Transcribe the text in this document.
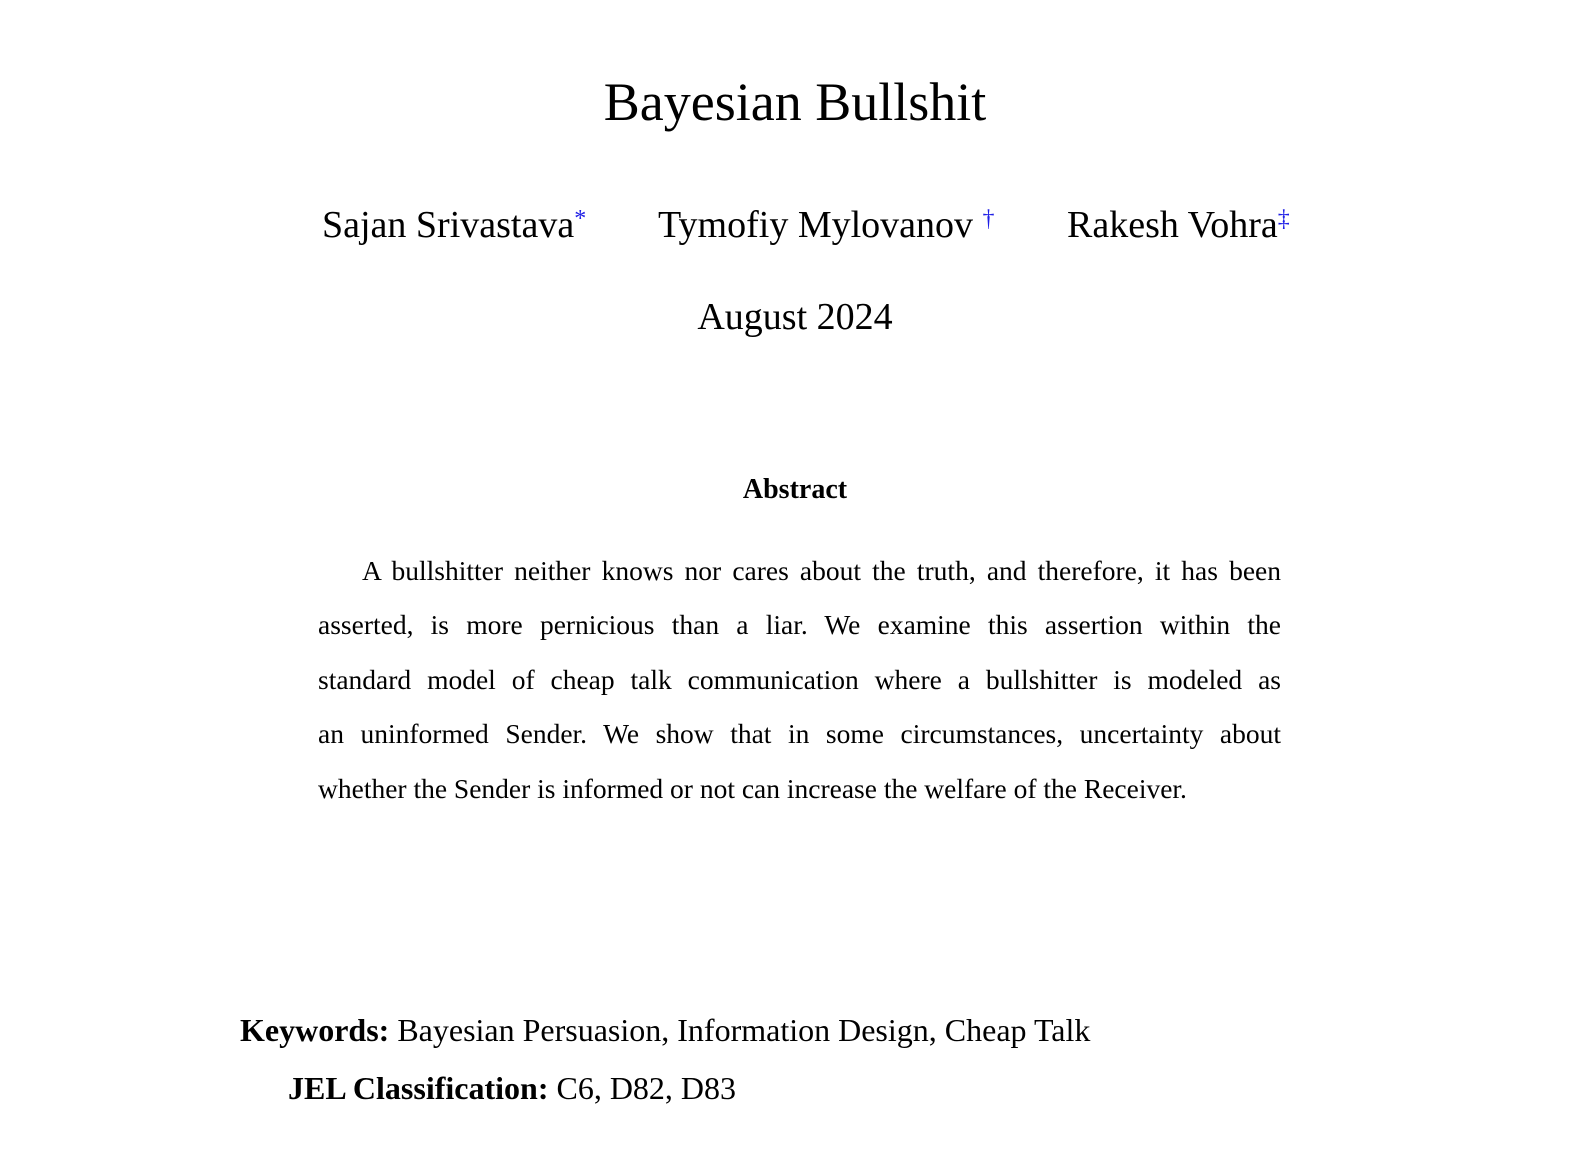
Bayesian Bullshit
Sajan Srivastava* Tymofiy Mylovanov † Rakesh Vohra‡
August 2024
Abstract
A bullshitter neither knows nor cares about the truth, and therefore, it has been
asserted, is more pernicious than a liar. We examine this assertion within the
standard model of cheap talk communication where a bullshitter is modeled as
an uninformed Sender. We show that in some circumstances, uncertainty about
whether the Sender is informed or not can increase the welfare of the Receiver.
Keywords: Bayesian Persuasion, Information Design, Cheap Talk
JEL Classification: C6, D82, D83
